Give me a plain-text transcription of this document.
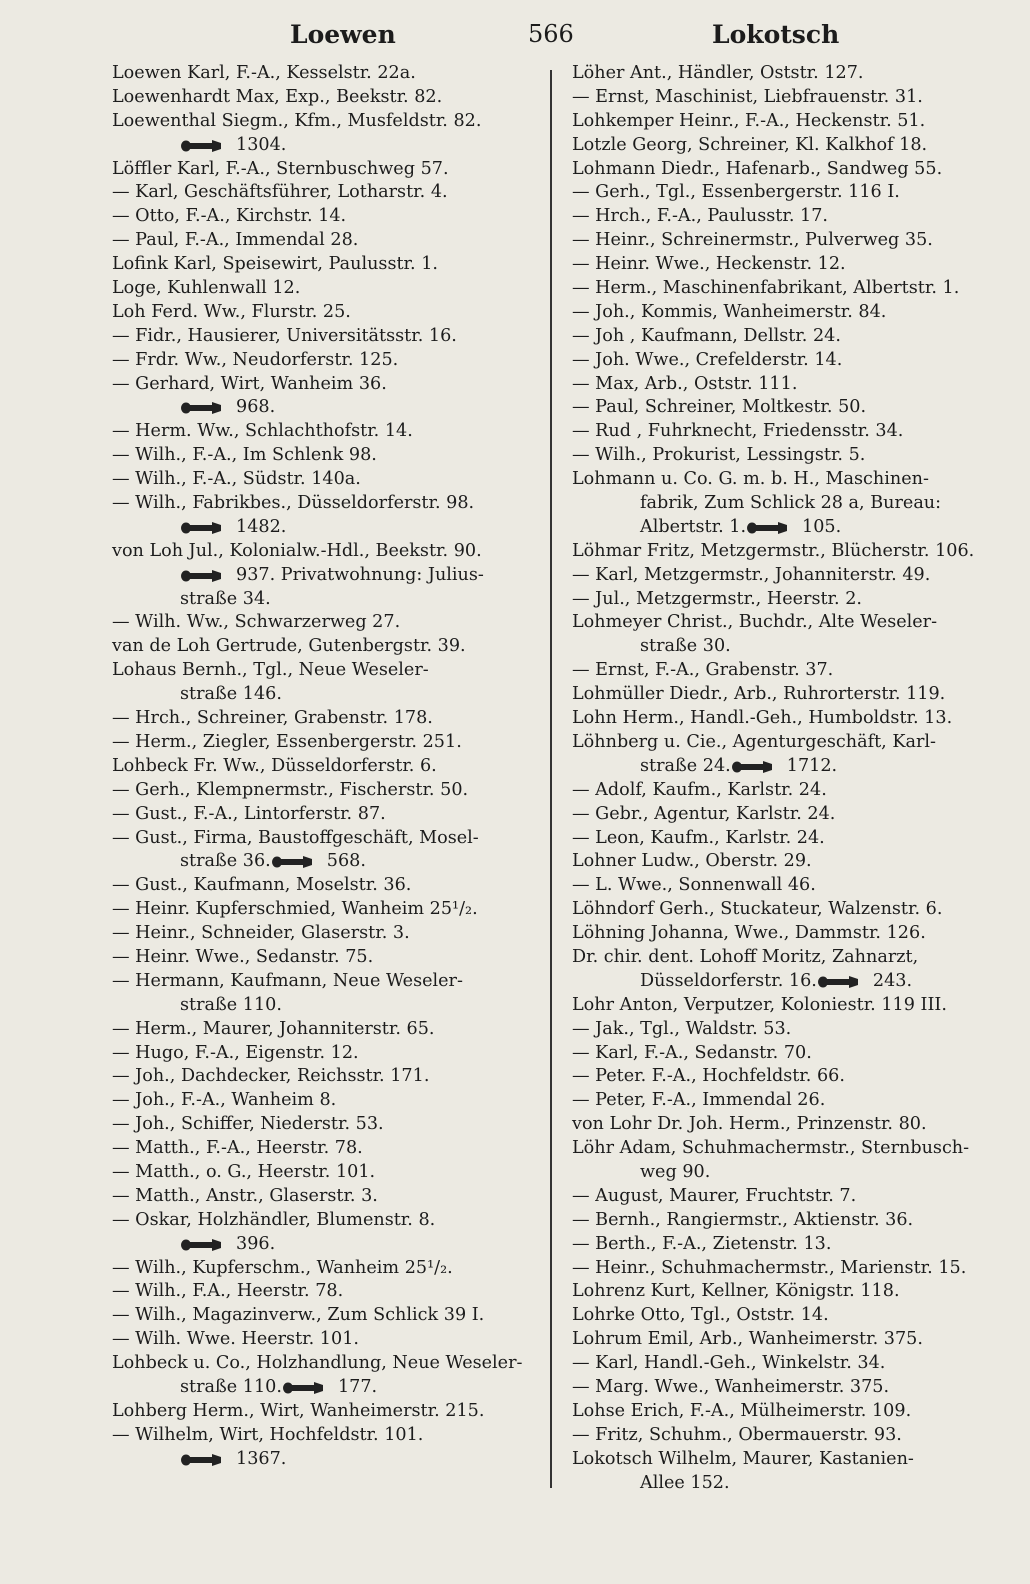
Loewen	566	Lokotsch
Loewen Karl, F.-A., Kesselstr. 22a.
Loewenhardt Max, Exp., Beekstr. 82.
Loewenthal Siegm., Kfm., Musfeldstr. 82.
1304.
Löffler Karl, F.-A., Sternbuschweg 57.
— Karl, Geschäftsführer, Lotharstr. 4.
— Otto, F.-A., Kirchstr. 14.
— Paul, F.-A., Immendal 28.
Lofink Karl, Speisewirt, Paulusstr. 1.
Loge, Kuhlenwall 12.
Loh Ferd. Ww., Flurstr. 25.
— Fidr., Hausierer, Universitätsstr. 16.
— Frdr. Ww., Neudorferstr. 125.
— Gerhard, Wirt, Wanheim 36.
968.
— Herm. Ww., Schlachthofstr. 14.
— Wilh., F.-A., Im Schlenk 98.
— Wilh., F.-A., Südstr. 140a.
— Wilh., Fabrikbes., Düsseldorferstr. 98.
1482.
von Loh Jul., Kolonialw.-Hdl., Beekstr. 90.
937. Privatwohnung: Julius-
straße 34.
— Wilh. Ww., Schwarzerweg 27.
van de Loh Gertrude, Gutenbergstr. 39.
Lohaus Bernh., Tgl., Neue Weseler-
straße 146.
— Hrch., Schreiner, Grabenstr. 178.
— Herm., Ziegler, Essenbergerstr. 251.
Lohbeck Fr. Ww., Düsseldorferstr. 6.
— Gerh., Klempnermstr., Fischerstr. 50.
— Gust., F.-A., Lintorferstr. 87.
— Gust., Firma, Baustoffgeschäft, Mosel-
straße 36.	568.
— Gust., Kaufmann, Moselstr. 36.
— Heinr. Kupferschmied, Wanheim 25¹/₂.
— Heinr., Schneider, Glaserstr. 3.
— Heinr. Wwe., Sedanstr. 75.
— Hermann, Kaufmann, Neue Weseler-
straße 110.
— Herm., Maurer, Johanniterstr. 65.
— Hugo, F.-A., Eigenstr. 12.
— Joh., Dachdecker, Reichsstr. 171.
— Joh., F.-A., Wanheim 8.
— Joh., Schiffer, Niederstr. 53.
— Matth., F.-A., Heerstr. 78.
— Matth., o. G., Heerstr. 101.
— Matth., Anstr., Glaserstr. 3.
— Oskar, Holzhändler, Blumenstr. 8.
396.
— Wilh., Kupferschm., Wanheim 25¹/₂.
— Wilh., F.A., Heerstr. 78.
— Wilh., Magazinverw., Zum Schlick 39 I.
— Wilh. Wwe. Heerstr. 101.
Lohbeck u. Co., Holzhandlung, Neue Weseler-
straße 110.	177.
Lohberg Herm., Wirt, Wanheimerstr. 215.
— Wilhelm, Wirt, Hochfeldstr. 101.
1367.
Löher Ant., Händler, Oststr. 127.
— Ernst, Maschinist, Liebfrauenstr. 31.
Lohkemper Heinr., F.-A., Heckenstr. 51.
Lotzle Georg, Schreiner, Kl. Kalkhof 18.
Lohmann Diedr., Hafenarb., Sandweg 55.
— Gerh., Tgl., Essenbergerstr. 116 I.
— Hrch., F.-A., Paulusstr. 17.
— Heinr., Schreinermstr., Pulverweg 35.
— Heinr. Wwe., Heckenstr. 12.
— Herm., Maschinenfabrikant, Albertstr. 1.
— Joh., Kommis, Wanheimerstr. 84.
— Joh , Kaufmann, Dellstr. 24.
— Joh. Wwe., Crefelderstr. 14.
— Max, Arb., Oststr. 111.
— Paul, Schreiner, Moltkestr. 50.
— Rud , Fuhrknecht, Friedensstr. 34.
— Wilh., Prokurist, Lessingstr. 5.
Lohmann u. Co. G. m. b. H., Maschinen-
fabrik, Zum Schlick 28 a, Bureau:
Albertstr. 1.	105.
Löhmar Fritz, Metzgermstr., Blücherstr. 106.
— Karl, Metzgermstr., Johanniterstr. 49.
— Jul., Metzgermstr., Heerstr. 2.
Lohmeyer Christ., Buchdr., Alte Weseler-
straße 30.
— Ernst, F.-A., Grabenstr. 37.
Lohmüller Diedr., Arb., Ruhrorterstr. 119.
Lohn Herm., Handl.-Geh., Humboldstr. 13.
Löhnberg u. Cie., Agenturgeschäft, Karl-
straße 24.	1712.
— Adolf, Kaufm., Karlstr. 24.
— Gebr., Agentur, Karlstr. 24.
— Leon, Kaufm., Karlstr. 24.
Lohner Ludw., Oberstr. 29.
— L. Wwe., Sonnenwall 46.
Löhndorf Gerh., Stuckateur, Walzenstr. 6.
Löhning Johanna, Wwe., Dammstr. 126.
Dr. chir. dent. Lohoff Moritz, Zahnarzt,
Düsseldorferstr. 16.	243.
Lohr Anton, Verputzer, Koloniestr. 119 III.
— Jak., Tgl., Waldstr. 53.
— Karl, F.-A., Sedanstr. 70.
— Peter. F.-A., Hochfeldstr. 66.
— Peter, F.-A., Immendal 26.
von Lohr Dr. Joh. Herm., Prinzenstr. 80.
Löhr Adam, Schuhmachermstr., Sternbusch-
weg 90.
— August, Maurer, Fruchtstr. 7.
— Bernh., Rangiermstr., Aktienstr. 36.
— Berth., F.-A., Zietenstr. 13.
— Heinr., Schuhmachermstr., Marienstr. 15.
Lohrenz Kurt, Kellner, Königstr. 118.
Lohrke Otto, Tgl., Oststr. 14.
Lohrum Emil, Arb., Wanheimerstr. 375.
— Karl, Handl.-Geh., Winkelstr. 34.
— Marg. Wwe., Wanheimerstr. 375.
Lohse Erich, F.-A., Mülheimerstr. 109.
— Fritz, Schuhm., Obermauerstr. 93.
Lokotsch Wilhelm, Maurer, Kastanien-
Allee 152.
